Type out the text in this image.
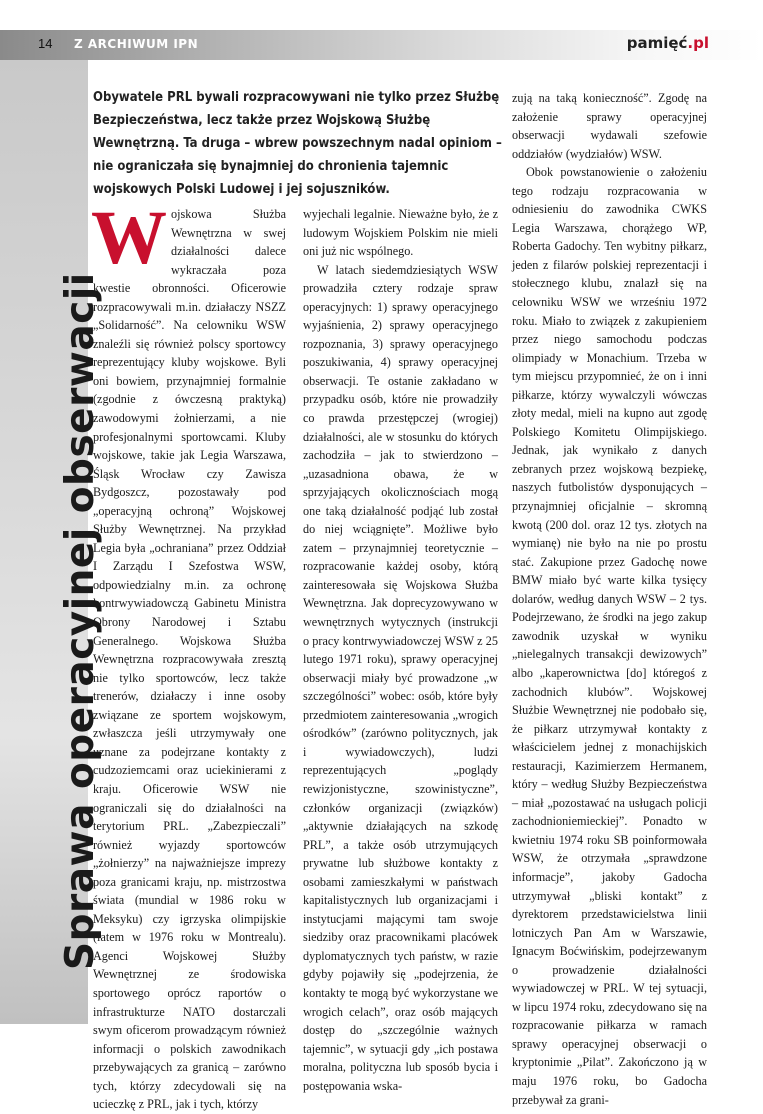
14 Z ARCHIWUM IPN	pamięć.pl
Sprawa operacyjnej obserwacji
Obywatele PRL bywali rozpracowywani nie tylko przez Służbę Bezpieczeństwa, lecz także przez Wojskową Służbę Wewnętrzną. Ta druga – wbrew powszechnym nadal opiniom – nie ograniczała się bynajmniej do chronienia tajemnic wojskowych Polski Ludowej i jej sojuszników.

Wojskowa Służba Wewnętrzna w swej działalności dalece wykraczała poza kwestie obronności. Oficerowie rozpracowywali m.in. działaczy NSZZ „Solidarność”. Na celowniku WSW znaleźli się również polscy sportowcy reprezentujący kluby wojskowe. Byli oni bowiem, przynajmniej formalnie (zgodnie z ówczesną praktyką) zawodowymi żołnierzami, a nie profesjonalnymi sportowcami. Kluby wojskowe, takie jak Legia Warszawa, Śląsk Wrocław czy Zawisza Bydgoszcz, pozostawały pod „operacyjną ochroną” Wojskowej Służby Wewnętrznej. Na przykład Legia była „ochraniana” przez Oddział I Zarządu I Szefostwa WSW, odpowiedzialny m.in. za ochronę kontrwywiadowczą Gabinetu Ministra Obrony Narodowej i Sztabu Generalnego. Wojskowa Służba Wewnętrzna rozpracowywała zresztą nie tylko sportowców, lecz także trenerów, działaczy i inne osoby związane ze sportem wojskowym, zwłaszcza jeśli utrzymywały one uznane za podejrzane kontakty z cudzoziemcami oraz uciekinierami z kraju. Oficerowie WSW nie ograniczali się do działalności na terytorium PRL. „Zabezpieczali” również wyjazdy sportowców „żołnierzy” na najważniejsze imprezy poza granicami kraju, np. mistrzostwa świata (mundial w 1986 roku w Meksyku) czy igrzyska olimpijskie (latem w 1976 roku w Montrealu). Agenci Wojskowej Służby Wewnętrznej ze środowiska sportowego oprócz raportów o infrastrukturze NATO dostarczali swym oficerom prowadzącym również informacji o polskich zawodnikach przebywających za granicą – zarówno tych, którzy zdecydowali się na ucieczkę z PRL, jak i tych, którzy

wyjechali legalnie. Nieważne było, że z ludowym Wojskiem Polskim nie mieli oni już nic wspólnego.

W latach siedemdziesiątych WSW prowadziła cztery rodzaje spraw operacyjnych: 1) sprawy operacyjnego wyjaśnienia, 2) sprawy operacyjnego rozpoznania, 3) sprawy operacyjnego poszukiwania, 4) sprawy operacyjnej obserwacji. Te ostanie zakładano w przypadku osób, które nie prowadziły co prawda przestępczej (wrogiej) działalności, ale w stosunku do których zachodziła – jak to stwierdzono – „uzasadniona obawa, że w sprzyjających okolicznościach mogą one taką działalność podjąć lub został do niej wciągnięte”. Możliwe było zatem – przynajmniej teoretycznie – rozpracowanie każdej osoby, którą zainteresowała się Wojskowa Służba Wewnętrzna. Jak doprecyzowywano w wewnętrznych wytycznych (instrukcji o pracy kontrwywiadowczej WSW z 25 lutego 1971 roku), sprawy operacyjnej obserwacji miały być prowadzone „w szczególności” wobec: osób, które były przedmiotem zainteresowania „wrogich ośrodków” (zarówno politycznych, jak i wywiadowczych), ludzi reprezentujących „poglądy rewizjonistyczne, szowinistyczne”, członków organizacji (związków) „aktywnie działających na szkodę PRL”, a także osób utrzymujących prywatne lub służbowe kontakty z osobami zamieszkałymi w państwach kapitalistycznych lub organizacjami i instytucjami mającymi tam swoje siedziby oraz pracownikami placówek dyplomatycznych tych państw, w razie gdyby pojawiły się „podejrzenia, że kontakty te mogą być wykorzystane we wrogich celach”, oraz osób mających dostęp do „szczególnie ważnych tajemnic”, w sytuacji gdy „ich postawa moralna, polityczna lub sposób bycia i postępowania wska-

zują na taką konieczność”. Zgodę na założenie sprawy operacyjnej obserwacji wydawali szefowie oddziałów (wydziałów) WSW.

Obok powstanowienie o założeniu tego rodzaju rozpracowania w odniesieniu do zawodnika CWKS Legia Warszawa, chorążego WP, Roberta Gadochy. Ten wybitny piłkarz, jeden z filarów polskiej reprezentacji i stołecznego klubu, znalazł się na celowniku WSW we wrześniu 1972 roku. Miało to związek z zakupieniem przez niego samochodu podczas olimpiady w Monachium. Trzeba w tym miejscu przypomnieć, że on i inni piłkarze, którzy wywalczyli wówczas złoty medal, mieli na kupno aut zgodę Polskiego Komitetu Olimpijskiego. Jednak, jak wynikało z danych zebranych przez wojskową bezpiekę, naszych futbolistów dysponujących – przynajmniej oficjalnie – skromną kwotą (200 dol. oraz 12 tys. złotych na wymianę) nie było na nie po prostu stać. Zakupione przez Gadochę nowe BMW miało być warte kilka tysięcy dolarów, według danych WSW – 2 tys. Podejrzewano, że środki na jego zakup zawodnik uzyskał w wyniku „nielegalnych transakcji dewizowych” albo „kaperownictwa [do] któregoś z zachodnich klubów”. Wojskowej Służbie Wewnętrznej nie podobało się, że piłkarz utrzymywał kontakty z właścicielem jednej z monachijskich restauracji, Kazimierzem Hermanem, który – według Służby Bezpieczeństwa – miał „pozostawać na usługach policji zachodnioniemieckiej”. Ponadto w kwietniu 1974 roku SB poinformowała WSW, że otrzymała „sprawdzone informacje”, jakoby Gadocha utrzymywał „bliski kontakt” z dyrektorem przedstawicielstwa linii lotniczych Pan Am w Warszawie, Ignacym Boćwińskim, podejrzewanym o prowadzenie działalności wywiadowczej w PRL. W tej sytuacji, w lipcu 1974 roku, zdecydowano się na rozpracowanie piłkarza w ramach sprawy operacyjnej obserwacji o kryptonimie „Pilat”. Zakończono ją w maju 1976 roku, bo Gadocha przebywał za grani-
